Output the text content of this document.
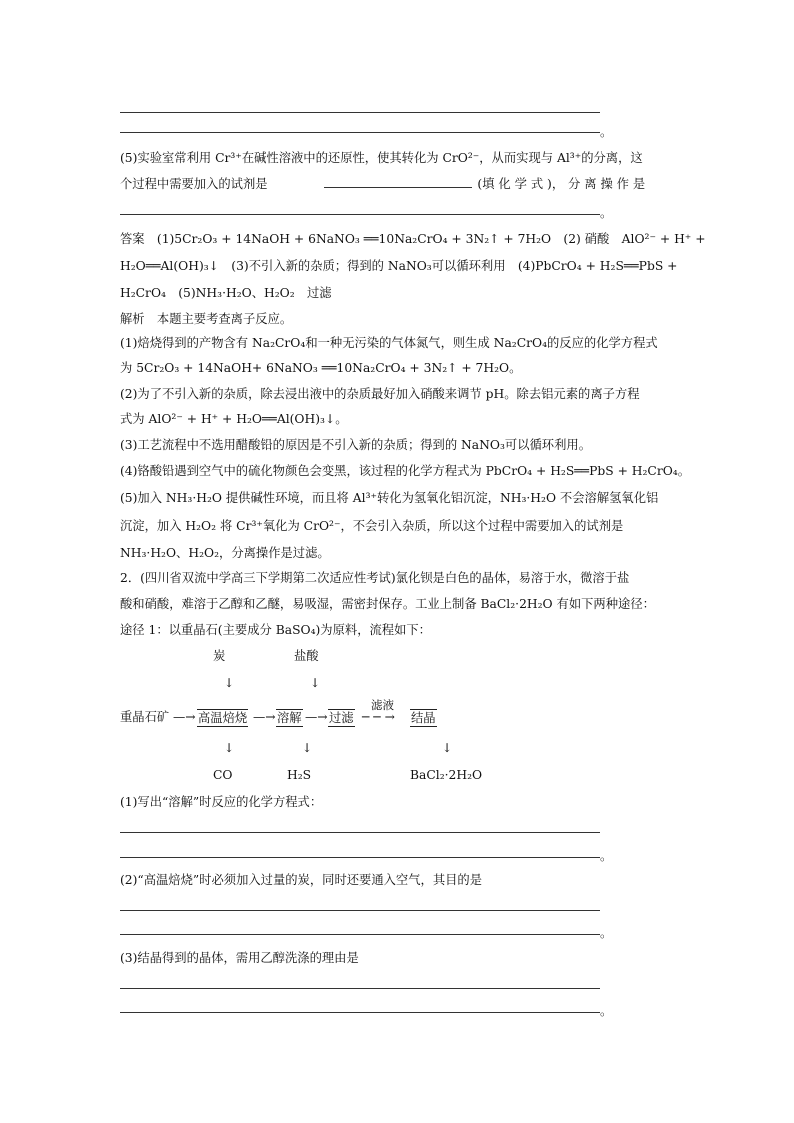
。
(5)实验室常利用 Cr³⁺在碱性溶液中的还原性，使其转化为 CrO²⁻，从而实现与 Al³⁺的分离，这
个过程中需要加入的试剂是	(填 化 学 式 )， 分 离 操 作 是
。
答案　(1)5Cr₂O₃ + 14NaOH + 6NaNO₃ ══10Na₂CrO₄ + 3N₂↑ + 7H₂O　(2) 硝酸　AlO²⁻ + H⁺ +
H₂O══Al(OH)₃↓　(3)不引入新的杂质；得到的 NaNO₃可以循环利用　(4)PbCrO₄ + H₂S══PbS +
H₂CrO₄　(5)NH₃·H₂O、H₂O₂　过滤
解析　本题主要考查离子反应。
(1)焙烧得到的产物含有 Na₂CrO₄和一种无污染的气体氮气，则生成 Na₂CrO₄的反应的化学方程式
为 5Cr₂O₃ + 14NaOH+ 6NaNO₃ ══10Na₂CrO₄ + 3N₂↑ + 7H₂O。
(2)为了不引入新的杂质，除去浸出液中的杂质最好加入硝酸来调节 pH。除去铝元素的离子方程
式为 AlO²⁻ + H⁺ + H₂O══Al(OH)₃↓。
(3)工艺流程中不选用醋酸铅的原因是不引入新的杂质；得到的 NaNO₃可以循环利用。
(4)铬酸铅遇到空气中的硫化物颜色会变黑，该过程的化学方程式为 PbCrO₄ + H₂S══PbS + H₂CrO₄。
(5)加入 NH₃·H₂O 提供碱性环境，而且将 Al³⁺转化为氢氧化铝沉淀，NH₃·H₂O 不会溶解氢氧化铝
沉淀，加入 H₂O₂ 将 Cr³⁺氧化为 CrO²⁻，不会引入杂质，所以这个过程中需要加入的试剂是
NH₃·H₂O、H₂O₂，分离操作是过滤。
2．(四川省双流中学高三下学期第二次适应性考试)氯化钡是白色的晶体，易溶于水，微溶于盐
酸和硝酸，难溶于乙醇和乙醚，易吸湿，需密封保存。工业上制备 BaCl₂·2H₂O 有如下两种途径：
途径 1：以重晶石(主要成分 BaSO₄)为原料，流程如下：
炭	盐酸
↓	↓
滤液
重晶石矿 —→ 高温焙烧 —→ 溶解 —→ 过滤 ─ ─ → 结晶
↓	↓	↓
CO	H₂S	BaCl₂·2H₂O
(1)写出“溶解”时反应的化学方程式：
。
(2)“高温焙烧”时必须加入过量的炭，同时还要通入空气，其目的是
。
(3)结晶得到的晶体，需用乙醇洗涤的理由是
。
